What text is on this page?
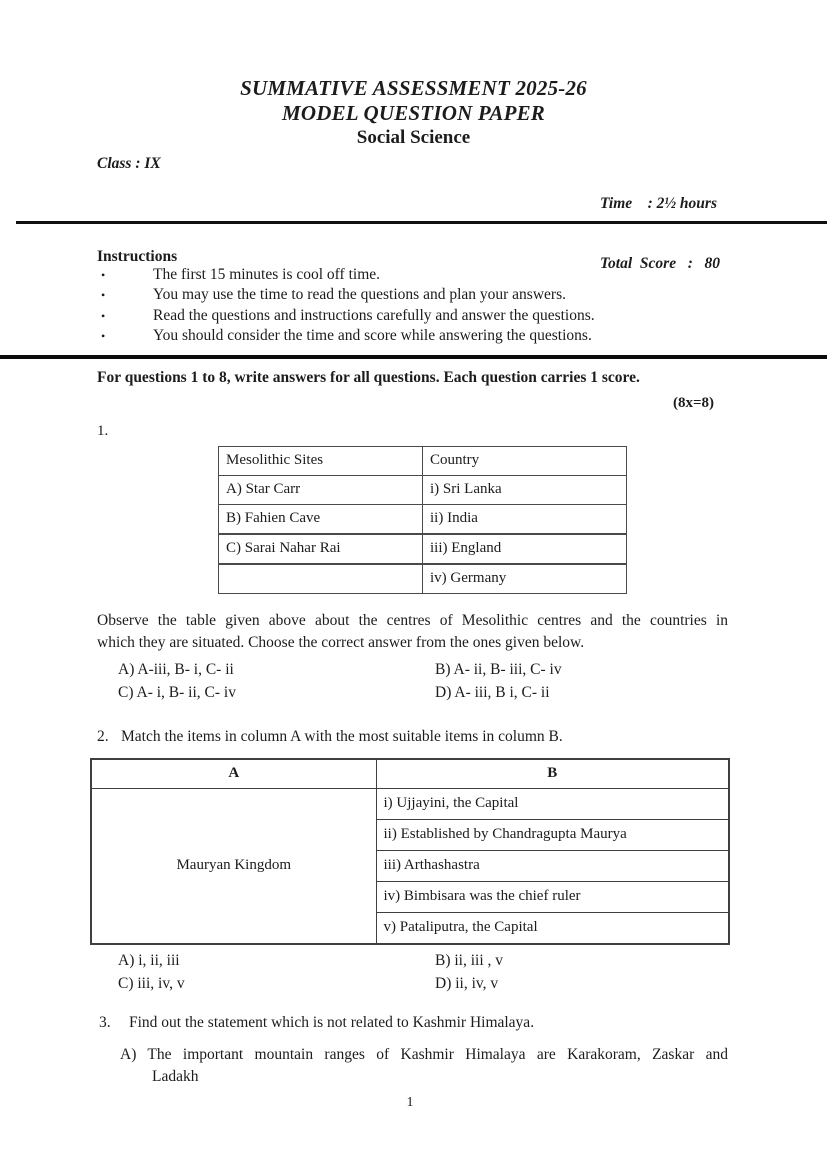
SUMMATIVE ASSESSMENT 2025-26
MODEL QUESTION PAPER
Social Science
Class : IX

Time    : 2½ hours

Total  Score   :   80

Instructions
•	The first 15 minutes is cool off time.
•	You may use the time to read the questions and plan your answers.
•	Read the questions and instructions carefully and answer the questions.
•	You should consider the time and score while answering the questions.
For questions 1 to 8, write answers for all questions. Each question carries 1 score.
(8x=8)
1.
Mesolithic Sites	Country
A) Star Carr	i) Sri Lanka
B) Fahien Cave	ii) India
C) Sarai Nahar Rai	iii) England
	iv) Germany
Observe the table given above about the centres of Mesolithic centres and the countries in
which they are situated. Choose the correct answer from the ones given below.
A) A-iii, B- i, C- ii	B) A- ii, B- iii, C- iv
C) A- i, B- ii, C- iv	D) A- iii, B i, C- ii
2. Match the items in column A with the most suitable items in column B.
A	B
Mauryan Kingdom	i) Ujjayini, the Capital
	ii) Established by Chandragupta Maurya
	iii) Arthashastra
	iv) Bimbisara was the chief ruler
	v) Pataliputra, the Capital
A) i, ii, iii	B) ii, iii , v
C) iii, iv, v	D) ii, iv, v
3.	Find out the statement which is not related to Kashmir Himalaya.
A) The important mountain ranges of Kashmir Himalaya are Karakoram, Zaskar and
Ladakh
1
